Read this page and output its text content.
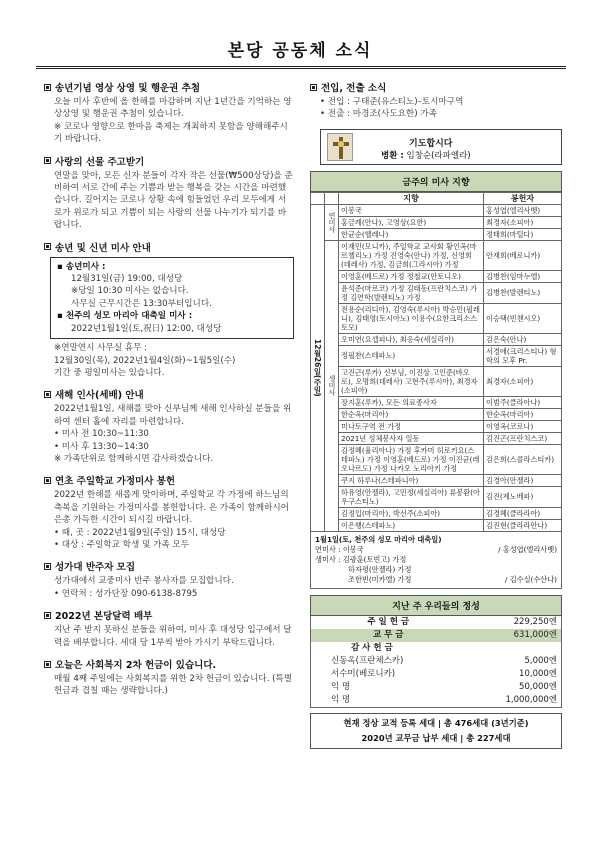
본당 공동체 소식
송년기념 영상 상영 및 행운권 추첨
오늘 미사 후반에 올 한해를 마감하며 지난 1년간을 기억하는 영상상영 및 행운권 추첨이 있습니다.
※ 코로나 영향으로 한마음 축제는 개최하지 못함을 양해해주시기 바랍니다.
사랑의 선물 주고받기
연말을 맞아, 모든 신자 분들이 각자 작은 선물(₩500상당)을 준비하여 서로 간에 주는 기쁨과 받는 행복을 갖는 시간을 마련했습니다. 길어지는 코로나 상황 속에 힘들었던 우리 모두에게 서로가 위로가 되고 기쁨이 되는 사랑의 선물 나누기가 되기를 바랍니다.
송년 및 신년 미사 안내
▪ 송년미사 :
12월31일(금) 19:00, 대성당
※당일 10:30 미사는 없습니다.
사무실 근무시간은 13:30부터입니다.
▪ 천주의 성모 마리아 대축일 미사 :
2022년1월1일(토,祝日) 12:00, 대성당
※연말연시 사무실 휴무 :
12월30일(목), 2022년1월4일(화)~1월5일(수)
기간 중 평일미사는 있습니다.
새해 인사(세배) 안내
2022년1월1일, 새해를 맞아 신부님께 새해 인사하실 분들을 위하여 센터 홀에 자리를 마련합니다.
• 미사 전 10:30~11:30
• 미사 후 13:30~14:30
※ 가족단위로 함께하시면 감사하겠습니다.
연초 주일학교 가정미사 봉헌
2022년 한해를 새롭게 맞이하며, 주일학교 각 가정에 하느님의 축복을 기원하는 가정미사를 봉헌합니다. 온 가족이 함께하시어 은총 가득한 시간이 되시길 바랍니다.
• 때, 곳 : 2022년1월9일(주일) 15시, 대성당
• 대상 : 주일학교 학생 및 가족 모두
성가대 반주자 모집
성가대에서 교중미사 반주 봉사자를 모집합니다.
• 연락처 : 성가단장 090-6138-8795
2022년 본당달력 배부
지난 주 받지 못하신 분들을 위하여, 미사 후 대성당 입구에서 달력을 배부합니다. 세대 당 1부씩 받아 가시기 부탁드립니다.
오늘은 사회복지 2차 헌금이 있습니다.
매월 4째 주일에는 사회복지를 위한 2차 헌금이 있습니다. (특별헌금과 겹칠 때는 생략합니다.)
전입, 전출 소식
• 전입 : 구태준(유스티노)–토시마구역
• 전출 : 마경조(사도요한) 가족
기도합시다
병환 : 임창순(라파엘라)
금주의 미사 지향
		지향	봉헌자
12월26일(주일)	연미사	이봉국	홍성엽(엘리사벳)
		홍금례(안나), 고영상(요한)	최경자(소피아)
		한균순(헬레나)	정태희(마틸다)
	생미사	이재민(모니카), 주일학교 교사회 황인옥(마르첼리노) 가정 진영숙(안나) 가정, 신영희(데레사) 가정, 김금희(그라시아) 가정	안재희(베로니카)
		이영훈(베드로) 가정 정철교(안토니오)	김병찬(임마누엘)
		윤석준(마르코) 가정 김태동(프란치스코) 가정 김연학(발렌티노) 가정	김병찬(발렌티노)
		전용순(리디아), 김영숙(루시아) 박승민(필레니), 김태영(토시아노) 이용수(요한크리소스토모)	이승택(빈첸시오)
		오미연(요셉피나), 최응숙(세실리아)	김은숙(안나)
		정필찬(스테파노)	서경애(크리스티나) 형학의 모후 Pr.
		고진근(루카) 신부님, 이진상 고인준(바오로), 오명희(데레사) 고현주(루시아), 최경자(소피아)	최경자(소피아)
		장지훈(루카), 모든 의료종사자	이범주(클라아나)
		한순옥(마리아)	한순옥(마리아)
		미나토구역 전 가정	이영옥(코로나)
		2021년 성체봉사자 일동	김진곤(프란치스코)
		김정혜(율리아나) 가정 후카미 히로키요(스테파노) 가정 이영훈(베드로) 가정 이진균(레오나르도) 가정 나카오 노리아키 가정	김은희(스콜라스티카)
		쿠지 하루나(스테파니아)	김경아(안젤라)
		하유영(안젤라), 고민정(세실리아) 류봉환(아우구스티노)	김진(제노베파)
		김정입(마리아), 박선주(소피아)	김경혜(클라라아)
		이은행(스테파노)	김진현(클라라안나)
1월1일(토, 천주의 성모 마리아 대축일)
연미사 : 이봉국	/ 홍성엽(엘리사벳)
생미사 : 김광훈(토빈고) 가정
하자평(안젤라) 가정
조한빈(미카엘) 가정	/ 김수실(수산나)
지난 주 우리들의 정성
주 일 헌 금	229,250엔
교 무 금	631,000엔
감 사 헌 금	
신동옥(프란체스카)	5,000엔
서수미(베로니카)	10,000엔
익 명	50,000엔
익 명	1,000,000엔
현재 정상 교적 등록 세대 | 총 476세대 (3년기준)
2020년 교무금 납부 세대 | 총 227세대
